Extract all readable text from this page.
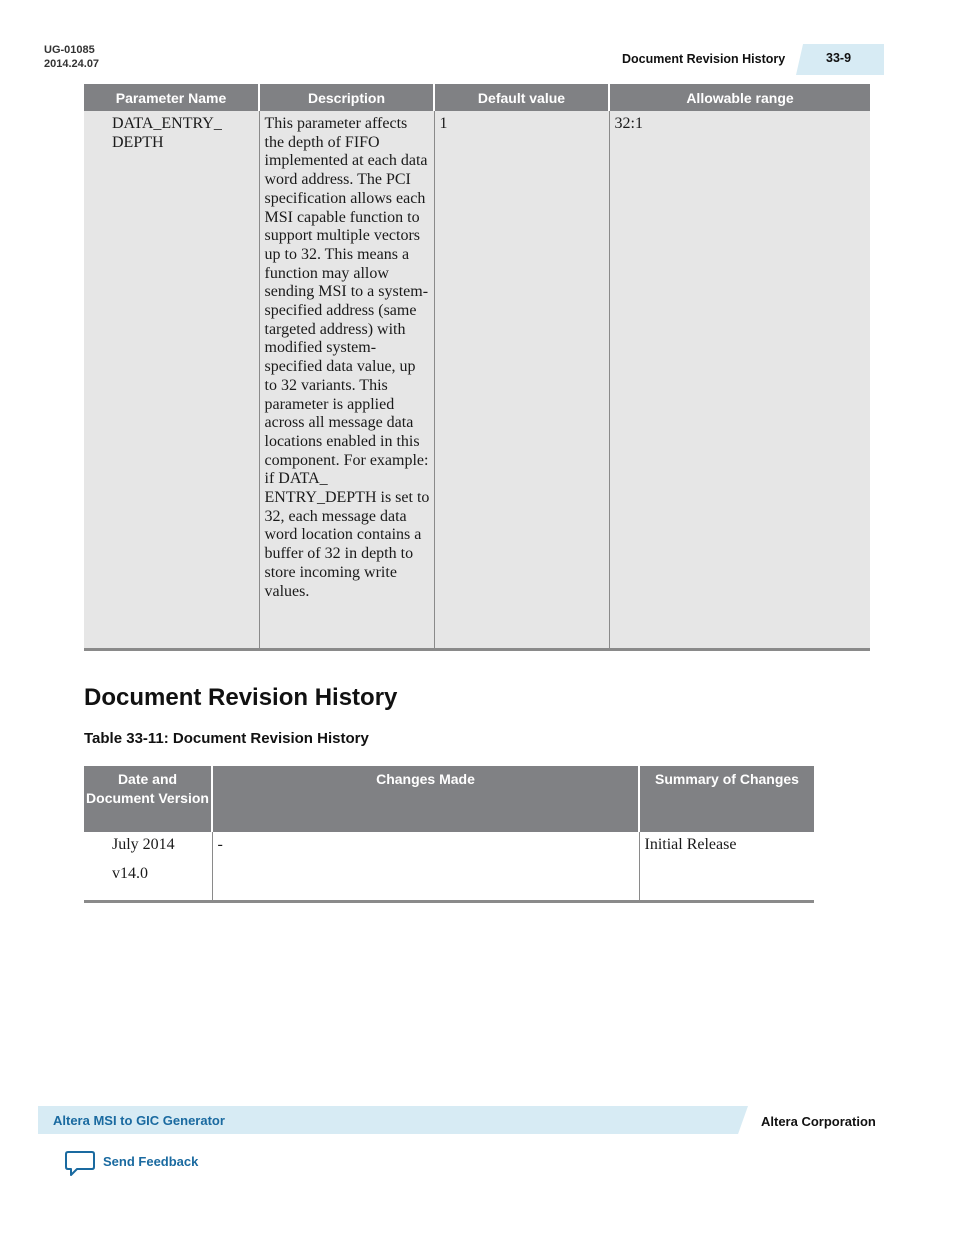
UG-01085
2014.24.07	Document Revision History	33-9
Parameter Name	Description	Default value	Allowable range
DATA_ENTRY_ DEPTH	This parameter affects the depth of FIFO implemented at each data word address. The PCI specification allows each MSI capable function to support multiple vectors up to 32. This means a function may allow sending MSI to a system-specified address (same targeted address) with modified system-specified data value, up to 32 variants. This parameter is applied across all message data locations enabled in this component. For example: if DATA_ ENTRY_DEPTH is set to 32, each message data word location contains a buffer of 32 in depth to store incoming write values.	1	32:1
Document Revision History
Table 33-11: Document Revision History
Date and Document Version	Changes Made	Summary of Changes
July 2014
v14.0	-	Initial Release
Altera MSI to GIC Generator	Altera Corporation
Send Feedback
